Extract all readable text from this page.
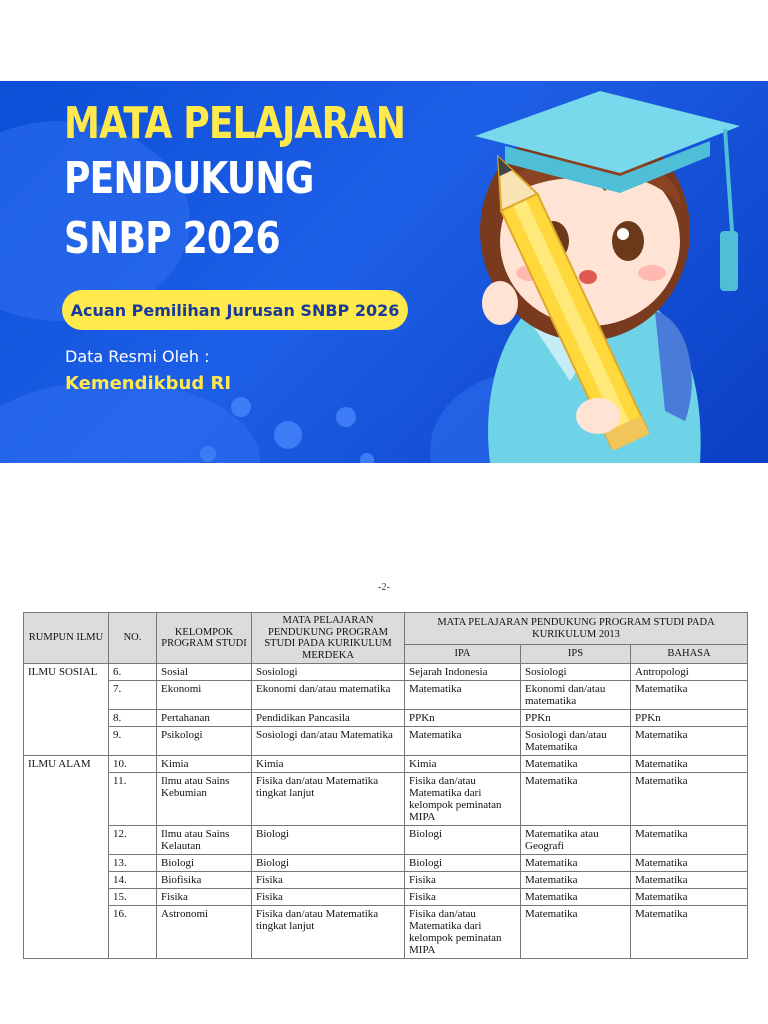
MATA PELAJARAN
PENDUKUNG
SNBP 2026
Acuan Pemilihan Jurusan SNBP 2026
Data Resmi Oleh :
Kemendikbud RI
-2-
RUMPUN ILMU	NO.	KELOMPOK PROGRAM STUDI	MATA PELAJARAN PENDUKUNG PROGRAM STUDI PADA KURIKULUM MERDEKA	MATA PELAJARAN PENDUKUNG PROGRAM STUDI PADA KURIKULUM 2013		
				IPA	IPS	BAHASA
ILMU SOSIAL	6.	Sosial	Sosiologi	Sejarah Indonesia	Sosiologi	Antropologi
	7.	Ekonomi	Ekonomi dan/atau matematika	Matematika	Ekonomi dan/atau matematika	Matematika
	8.	Pertahanan	Pendidikan Pancasila	PPKn	PPKn	PPKn
	9.	Psikologi	Sosiologi dan/atau Matematika	Matematika	Sosiologi dan/atau Matematika	Matematika
ILMU ALAM	10.	Kimia	Kimia	Kimia	Matematika	Matematika
	11.	Ilmu atau Sains Kebumian	Fisika dan/atau Matematika tingkat lanjut	Fisika dan/atau Matematika dari kelompok peminatan MIPA	Matematika	Matematika
	12.	Ilmu atau Sains Kelautan	Biologi	Biologi	Matematika atau Geografi	Matematika
	13.	Biologi	Biologi	Biologi	Matematika	Matematika
	14.	Biofisika	Fisika	Fisika	Matematika	Matematika
	15.	Fisika	Fisika	Fisika	Matematika	Matematika
	16.	Astronomi	Fisika dan/atau Matematika tingkat lanjut	Fisika dan/atau Matematika dari kelompok peminatan MIPA	Matematika	Matematika
